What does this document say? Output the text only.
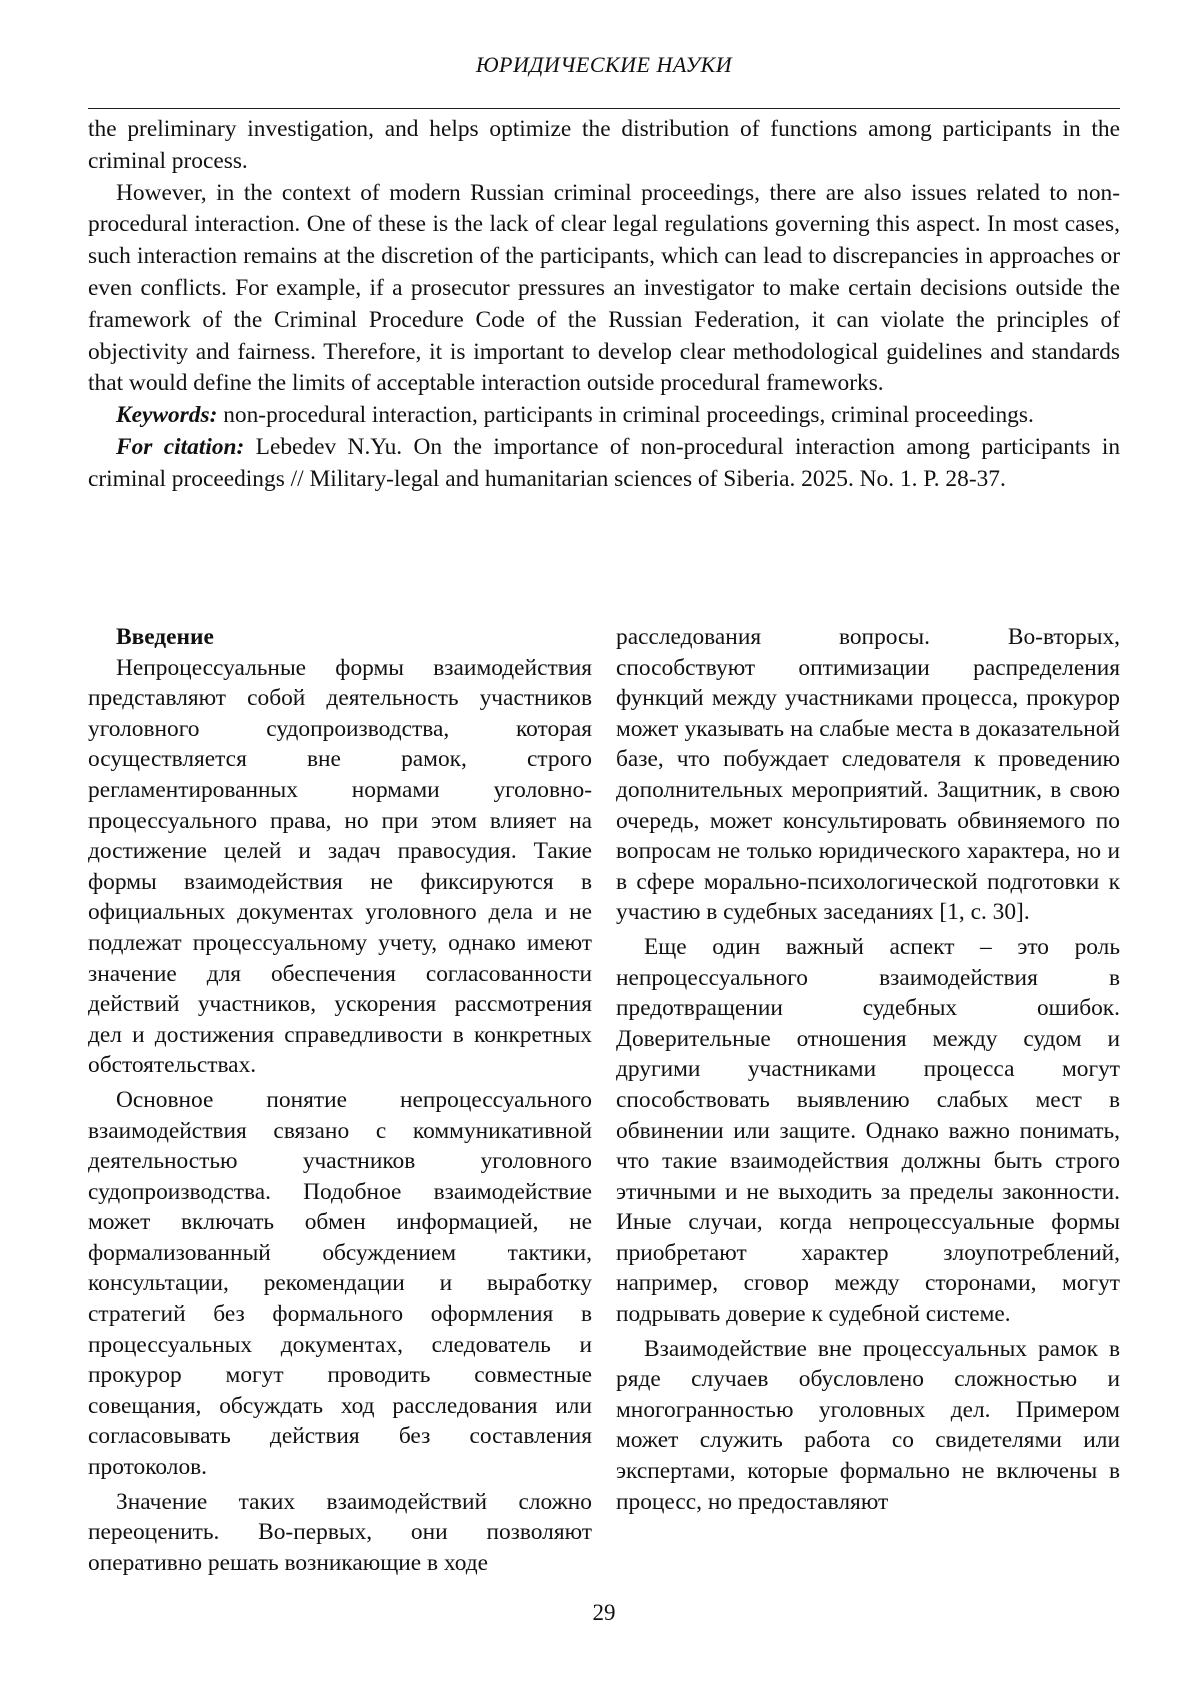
ЮРИДИЧЕСКИЕ НАУКИ

the preliminary investigation, and helps optimize the distribution of functions among participants in the criminal process.

However, in the context of modern Russian criminal proceedings, there are also issues related to non-procedural interaction. One of these is the lack of clear legal regulations governing this aspect. In most cases, such interaction remains at the discretion of the participants, which can lead to discrepancies in approaches or even conflicts. For example, if a prosecutor pressures an investigator to make certain decisions outside the framework of the Criminal Procedure Code of the Russian Federation, it can violate the principles of objectivity and fairness. Therefore, it is important to develop clear methodological guidelines and standards that would define the limits of acceptable interaction outside procedural frameworks.

Keywords: non-procedural interaction, participants in criminal proceedings, criminal proceedings.

For citation: Lebedev N.Yu. On the importance of non-procedural interaction among participants in criminal proceedings // Military-legal and humanitarian sciences of Siberia. 2025. No. 1. P. 28-37.

Введение

Непроцессуальные формы взаимодействия представляют собой деятельность участников уголовного судопроизводства, которая осуществляется вне рамок, строго регламентированных нормами уголовно-процессуального права, но при этом влияет на достижение целей и задач правосудия. Такие формы взаимодействия не фиксируются в официальных документах уголовного дела и не подлежат процессуальному учету, однако имеют значение для обеспечения согласованности действий участников, ускорения рассмотрения дел и достижения справедливости в конкретных обстоятельствах.

Основное понятие непроцессуального взаимодействия связано с коммуникативной деятельностью участников уголовного судопроизводства. Подобное взаимодействие может включать обмен информацией, не формализованный обсуждением тактики, консультации, рекомендации и выработку стратегий без формального оформления в процессуальных документах, следователь и прокурор могут проводить совместные совещания, обсуждать ход расследования или согласовывать действия без составления протоколов.

Значение таких взаимодействий сложно переоценить. Во-первых, они позволяют оперативно решать возникающие в ходе

расследования вопросы. Во-вторых, способствуют оптимизации распределения функций между участниками процесса, прокурор может указывать на слабые места в доказательной базе, что побуждает следователя к проведению дополнительных мероприятий. Защитник, в свою очередь, может консультировать обвиняемого по вопросам не только юридического характера, но и в сфере морально-психологической подготовки к участию в судебных заседаниях [1, с. 30].

Еще один важный аспект – это роль непроцессуального взаимодействия в предотвращении судебных ошибок. Доверительные отношения между судом и другими участниками процесса могут способствовать выявлению слабых мест в обвинении или защите. Однако важно понимать, что такие взаимодействия должны быть строго этичными и не выходить за пределы законности. Иные случаи, когда непроцессуальные формы приобретают характер злоупотреблений, например, сговор между сторонами, могут подрывать доверие к судебной системе.

Взаимодействие вне процессуальных рамок в ряде случаев обусловлено сложностью и многогранностью уголовных дел. Примером может служить работа со свидетелями или экспертами, которые формально не включены в процесс, но предоставляют

29
